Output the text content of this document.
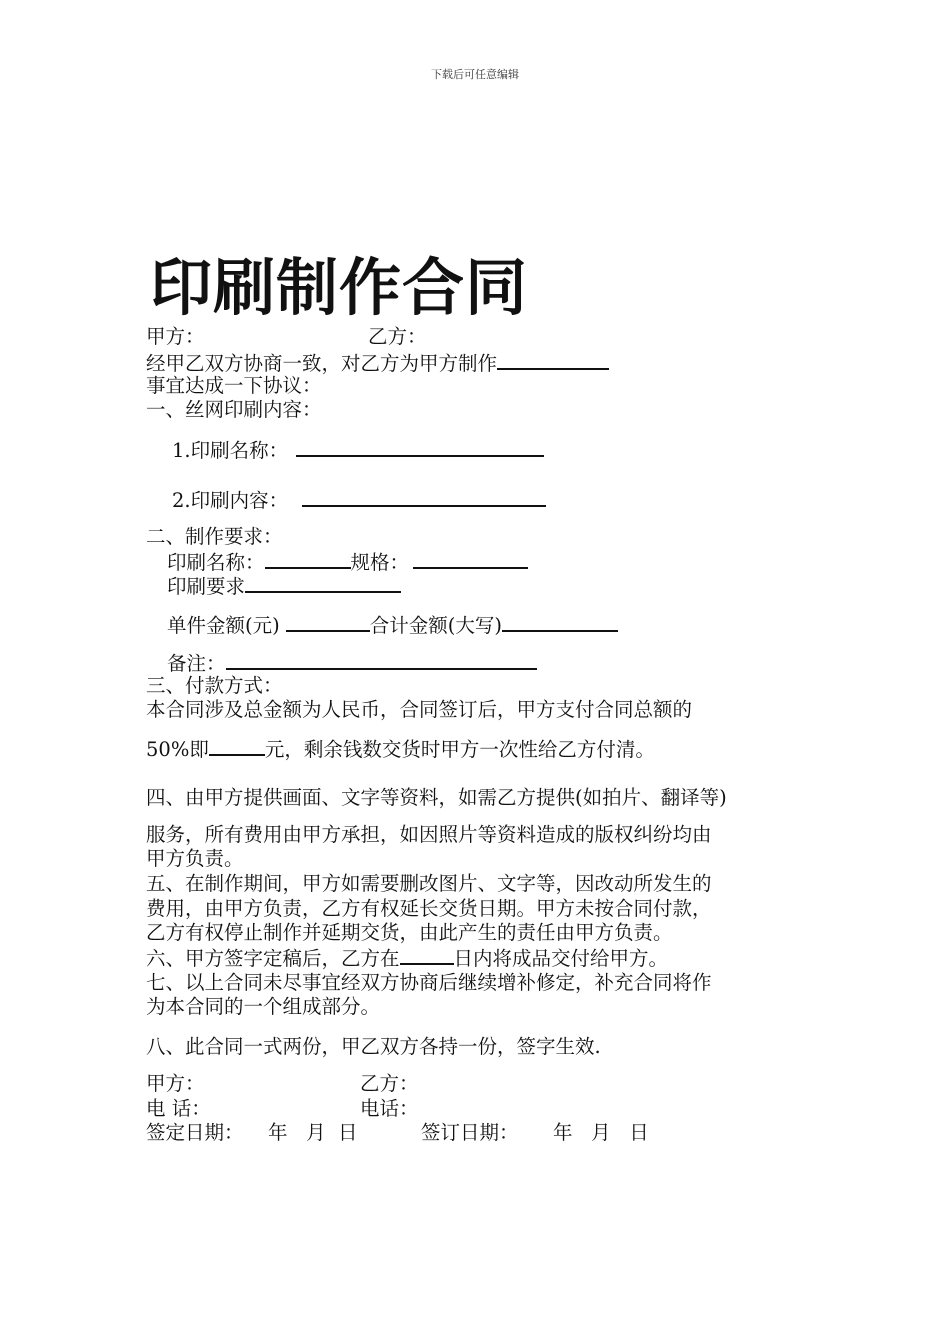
下载后可任意编辑
印刷制作合同
甲方：	乙方：
经甲乙双方协商一致，对乙方为甲方制作
事宜达成一下协议：
一、丝网印刷内容：
1.印刷名称：
2.印刷内容：
二、制作要求：
印刷名称：	规格：
印刷要求
单件金额(元)	合计金额(大写)
备注：
三、付款方式：
本合同涉及总金额为人民币，合同签订后，甲方支付合同总额的
50%即	元，剩余钱数交货时甲方一次性给乙方付清。
四、由甲方提供画面、文字等资料，如需乙方提供(如拍片、翻译等)
服务，所有费用由甲方承担，如因照片等资料造成的版权纠纷均由
甲方负责。
五、在制作期间，甲方如需要删改图片、文字等，因改动所发生的
费用，由甲方负责，乙方有权延长交货日期。甲方未按合同付款，
乙方有权停止制作并延期交货，由此产生的责任由甲方负责。
六、甲方签字定稿后，乙方在	日内将成品交付给甲方。
七、以上合同未尽事宜经双方协商后继续增补修定，补充合同将作
为本合同的一个组成部分。
八、此合同一式两份，甲乙双方各持一份，签字生效.
甲方：	乙方：
电 话：	电话：
签定日期： 年   月  日	签订日期： 年   月   日
